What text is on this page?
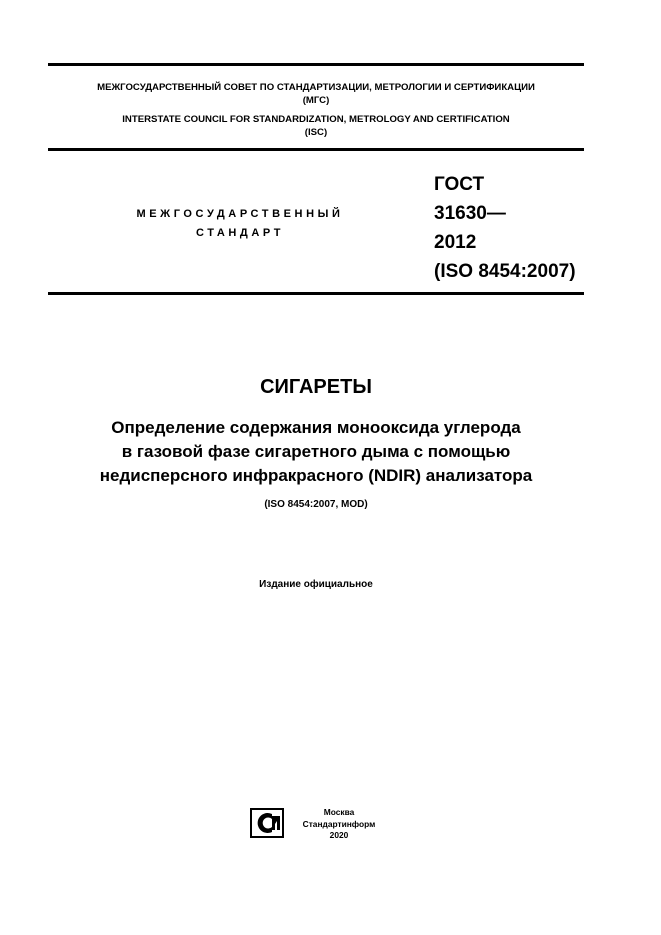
МЕЖГОСУДАРСТВЕННЫЙ СОВЕТ ПО СТАНДАРТИЗАЦИИ, МЕТРОЛОГИИ И СЕРТИФИКАЦИИ
(МГС)
INTERSTATE COUNCIL FOR STANDARDIZATION, METROLOGY AND CERTIFICATION
(ISC)
МЕЖГОСУДАРСТВЕННЫЙ
СТАНДАРТ
ГОСТ
31630—
2012
(ISO 8454:2007)
СИГАРЕТЫ
Определение содержания монооксида углерода
в газовой фазе сигаретного дыма с помощью
недисперсного инфракрасного (NDIR) анализатора
(ISO 8454:2007, MOD)
Издание официальное
Москва
Стандартинформ
2020
